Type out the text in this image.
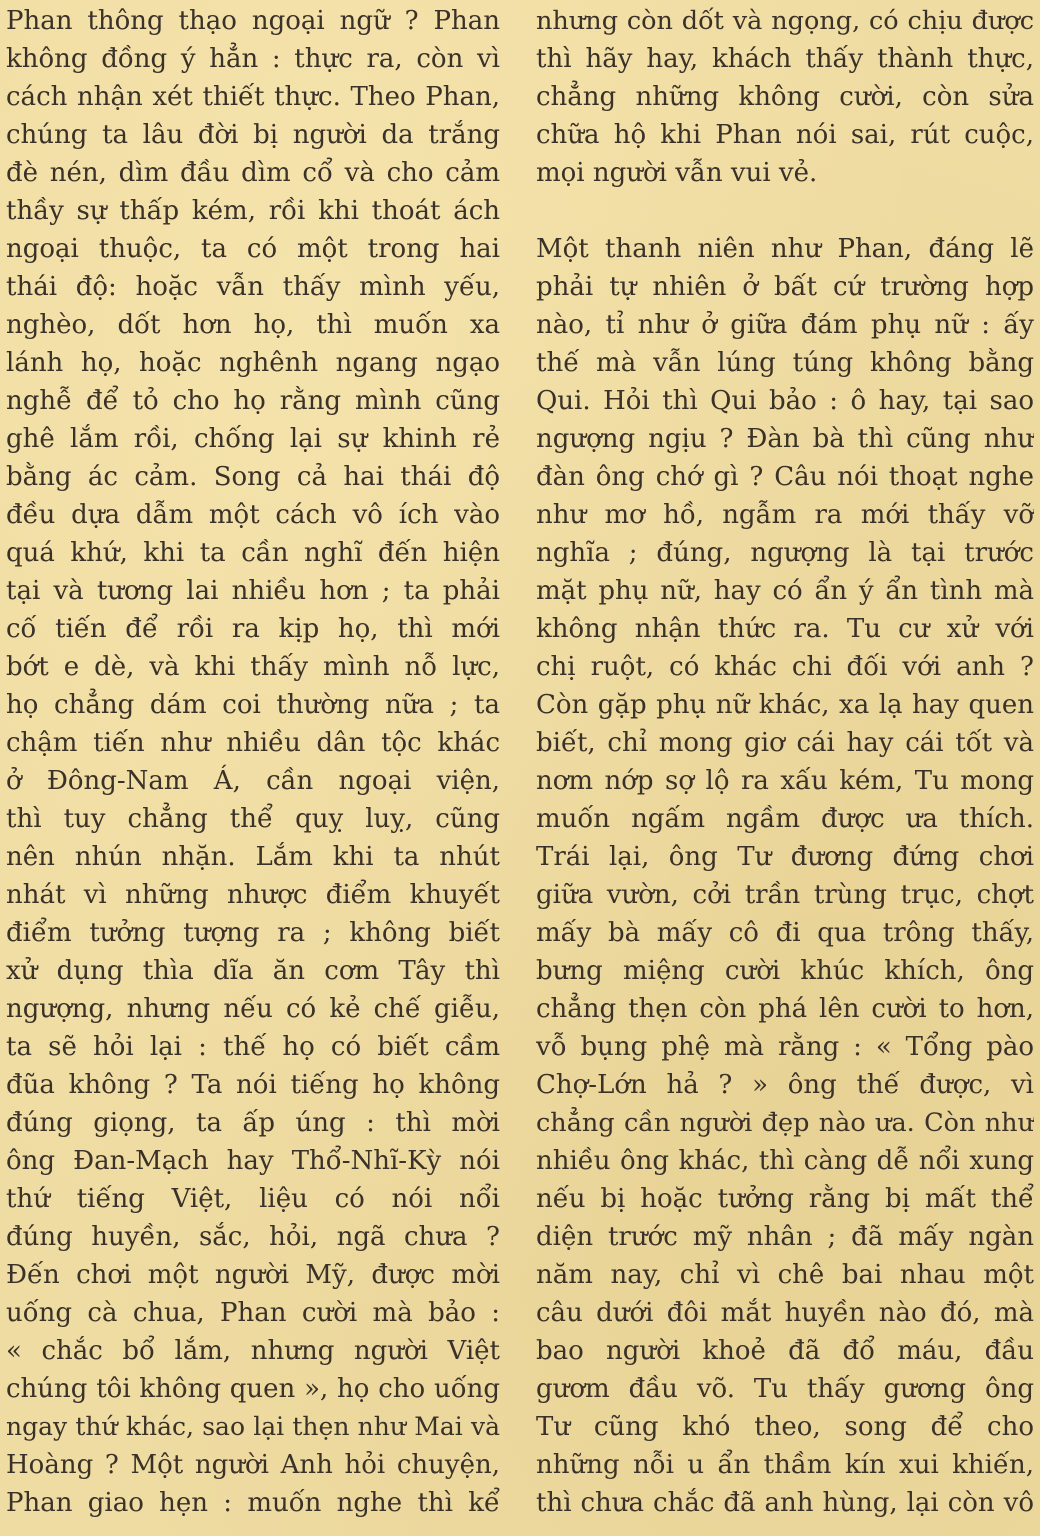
Phan thông thạo ngoại ngữ ? Phan
không đồng ý hẳn : thực ra, còn vì
cách nhận xét thiết thực. Theo Phan,
chúng ta lâu đời bị người da trắng
đè nén, dìm đầu dìm cổ và cho cảm
thầy sự thấp kém, rồi khi thoát ách
ngoại thuộc, ta có một trong hai
thái độ: hoặc vẫn thấy mình yếu,
nghèo, dốt hơn họ, thì muốn xa
lánh họ, hoặc nghênh ngang ngạo
nghễ để tỏ cho họ rằng mình cũng
ghê lắm rồi, chống lại sự khinh rẻ
bằng ác cảm. Song cả hai thái độ
đều dựa dẫm một cách vô ích vào
quá khứ, khi ta cần nghĩ đến hiện
tại và tương lai nhiều hơn ; ta phải
cố tiến để rồi ra kịp họ, thì mới
bớt e dè, và khi thấy mình nỗ lực,
họ chẳng dám coi thường nữa ; ta
chậm tiến như nhiều dân tộc khác
ở Đông-Nam Á, cần ngoại viện,
thì tuy chẳng thể quỵ luỵ, cũng
nên nhún nhặn. Lắm khi ta nhút
nhát vì những nhược điểm khuyết
điểm tưởng tượng ra ; không biết
xử dụng thìa dĩa ăn cơm Tây thì
ngượng, nhưng nếu có kẻ chế giễu,
ta sẽ hỏi lại : thế họ có biết cầm
đũa không ? Ta nói tiếng họ không
đúng giọng, ta ấp úng : thì mời
ông Đan-Mạch hay Thổ-Nhĩ-Kỳ nói
thứ tiếng Việt, liệu có nói nổi
đúng huyền, sắc, hỏi, ngã chưa ?
Đến chơi một người Mỹ, được mời
uống cà chua, Phan cười mà bảo :
« chắc bổ lắm, nhưng người Việt
chúng tôi không quen », họ cho uống
ngay thứ khác, sao lại thẹn như Mai và
Hoàng ? Một người Anh hỏi chuyện,
Phan giao hẹn : muốn nghe thì kể
nhưng còn dốt và ngọng, có chịu được
thì hãy hay, khách thấy thành thực,
chẳng những không cười, còn sửa
chữa hộ khi Phan nói sai, rút cuộc,
mọi người vẫn vui vẻ.
Một thanh niên như Phan, đáng lẽ
phải tự nhiên ở bất cứ trường hợp
nào, tỉ như ở giữa đám phụ nữ : ấy
thế mà vẫn lúng túng không bằng
Qui. Hỏi thì Qui bảo : ô hay, tại sao
ngượng ngịu ? Đàn bà thì cũng như
đàn ông chớ gì ? Câu nói thoạt nghe
như mơ hồ, ngẫm ra mới thấy vỡ
nghĩa ; đúng, ngượng là tại trước
mặt phụ nữ, hay có ẩn ý ẩn tình mà
không nhận thức ra. Tu cư xử với
chị ruột, có khác chi đối với anh ?
Còn gặp phụ nữ khác, xa lạ hay quen
biết, chỉ mong giơ cái hay cái tốt và
nơm nớp sợ lộ ra xấu kém, Tu mong
muốn ngấm ngầm được ưa thích.
Trái lại, ông Tư đương đứng chơi
giữa vườn, cởi trần trùng trục, chợt
mấy bà mấy cô đi qua trông thấy,
bưng miệng cười khúc khích, ông
chẳng thẹn còn phá lên cười to hơn,
vỗ bụng phệ mà rằng : « Tổng pào
Chợ-Lớn hả ? » ông thế được, vì
chẳng cần người đẹp nào ưa. Còn như
nhiều ông khác, thì càng dễ nổi xung
nếu bị hoặc tưởng rằng bị mất thể
diện trước mỹ nhân ; đã mấy ngàn
năm nay, chỉ vì chê bai nhau một
câu dưới đôi mắt huyền nào đó, mà
bao người khoẻ đã đổ máu, đầu
gươm đầu võ. Tu thấy gương ông
Tư cũng khó theo, song để cho
những nỗi u ẩn thầm kín xui khiến,
thì chưa chắc đã anh hùng, lại còn vô
